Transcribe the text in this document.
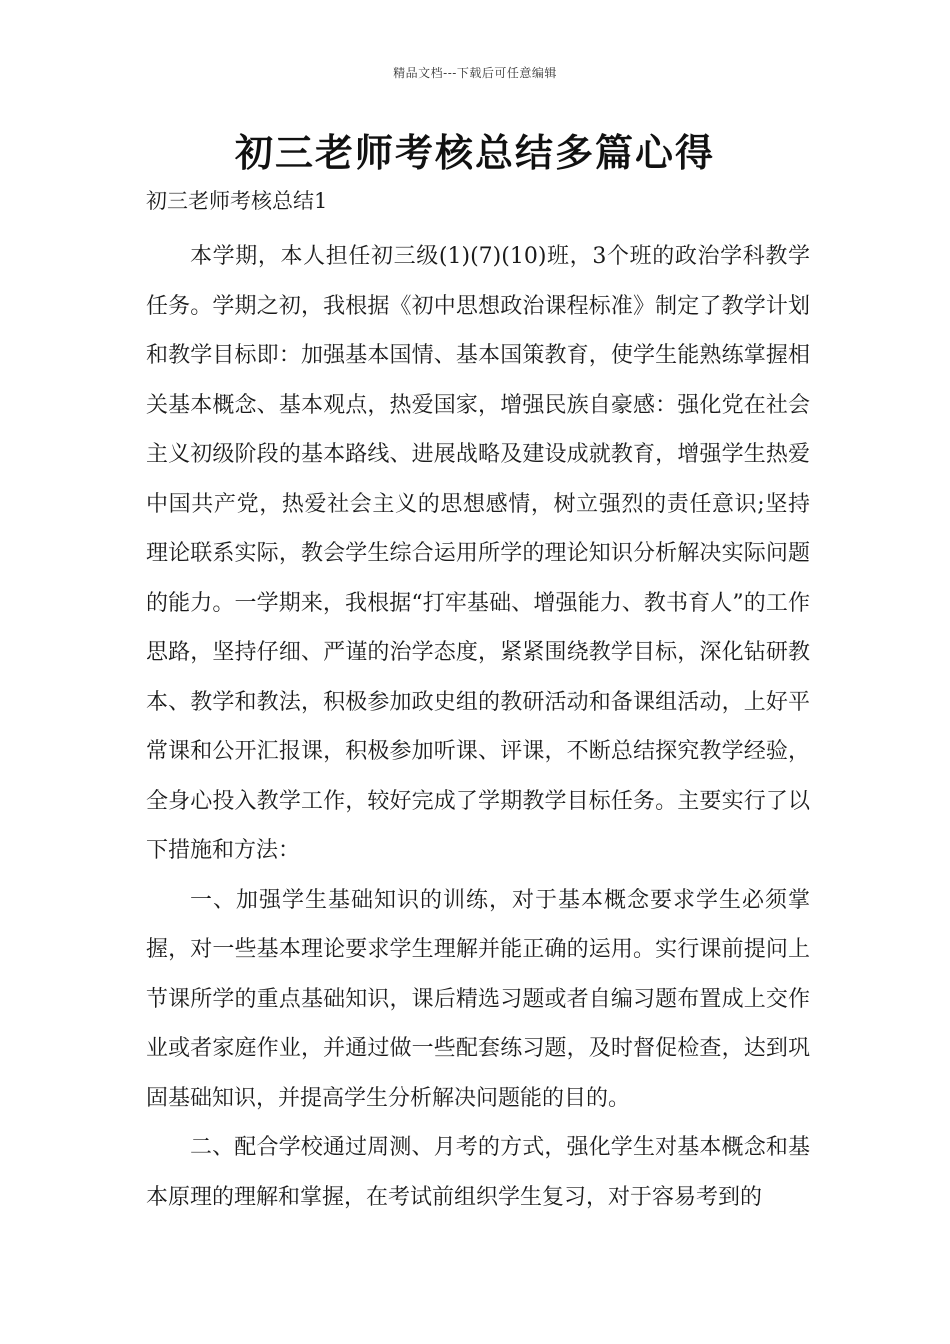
精品文档---下载后可任意编辑
初三老师考核总结多篇心得
初三老师考核总结1

本学期，本人担任初三级(1)(7)(10)班，3个班的政治学科教学任务。学期之初，我根据《初中思想政治课程标准》制定了教学计划和教学目标即：加强基本国情、基本国策教育，使学生能熟练掌握相关基本概念、基本观点，热爱国家，增强民族自豪感：强化党在社会主义初级阶段的基本路线、进展战略及建设成就教育，增强学生热爱中国共产党，热爱社会主义的思想感情，树立强烈的责任意识;坚持理论联系实际，教会学生综合运用所学的理论知识分析解决实际问题的能力。一学期来，我根据“打牢基础、增强能力、教书育人”的工作思路，坚持仔细、严谨的治学态度，紧紧围绕教学目标，深化钻研教本、教学和教法，积极参加政史组的教研活动和备课组活动，上好平常课和公开汇报课，积极参加听课、评课，不断总结探究教学经验，全身心投入教学工作，较好完成了学期教学目标任务。主要实行了以下措施和方法：

一、加强学生基础知识的训练，对于基本概念要求学生必须掌握，对一些基本理论要求学生理解并能正确的运用。实行课前提问上节课所学的重点基础知识，课后精选习题或者自编习题布置成上交作业或者家庭作业，并通过做一些配套练习题，及时督促检查，达到巩固基础知识，并提高学生分析解决问题能的目的。

二、配合学校通过周测、月考的方式，强化学生对基本概念和基本原理的理解和掌握，在考试前组织学生复习，对于容易考到的
